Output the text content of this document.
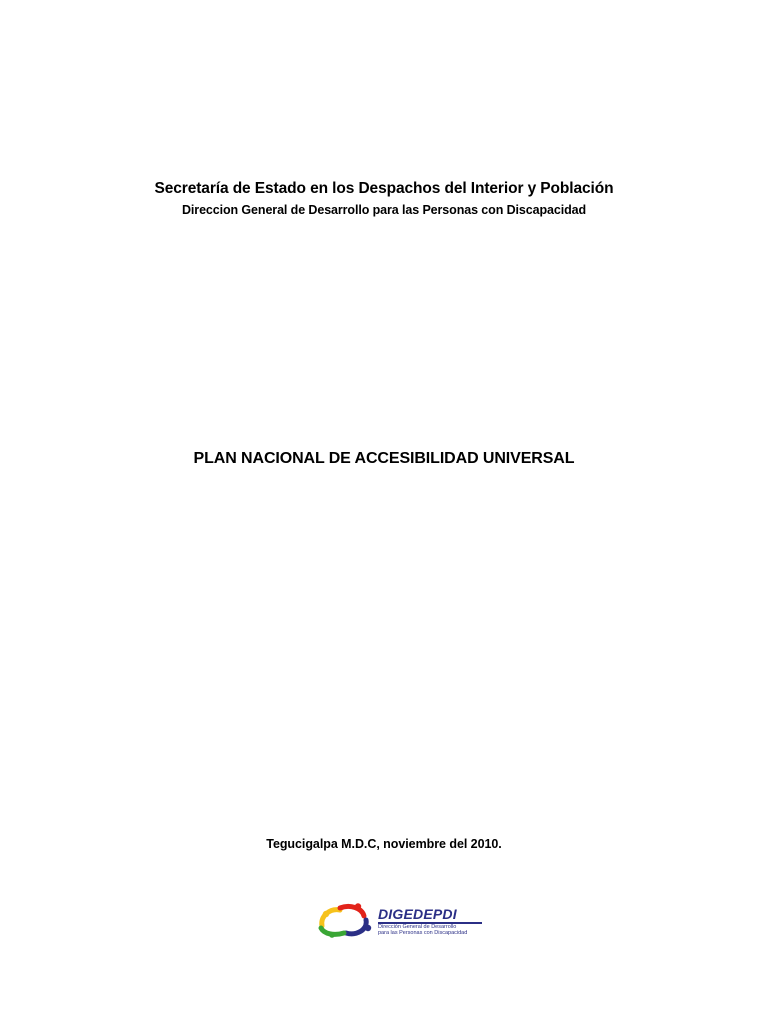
Secretaría de Estado en los Despachos del Interior y Población
Direccion General de Desarrollo para las Personas con Discapacidad
PLAN NACIONAL DE ACCESIBILIDAD UNIVERSAL
Tegucigalpa M.D.C, noviembre del 2010.
DIGEDEPDI
Dirección General de Desarrollo
para las Personas con Discapacidad
